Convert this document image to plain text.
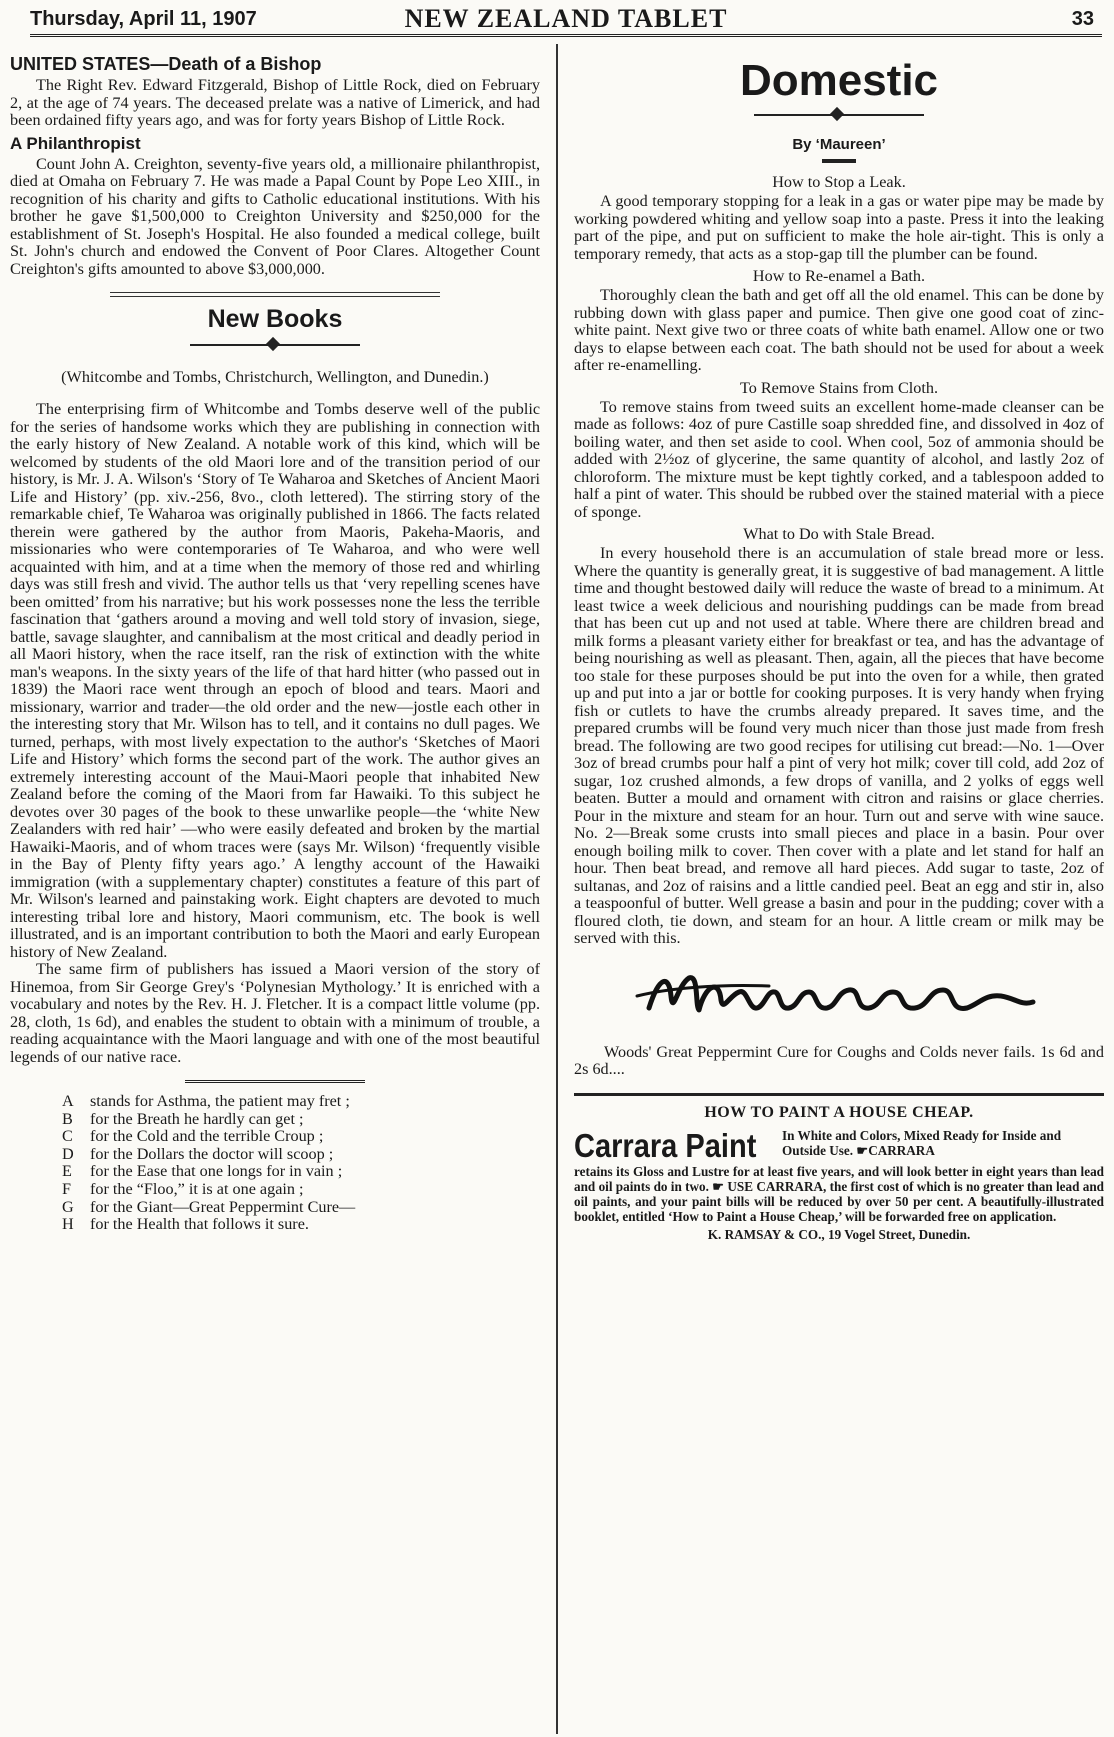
Thursday, April 11, 1907	NEW ZEALAND TABLET	33
UNITED STATES—Death of a Bishop

The Right Rev. Edward Fitzgerald, Bishop of Little Rock, died on February 2, at the age of 74 years. The deceased prelate was a native of Limerick, and had been ordained fifty years ago, and was for forty years Bishop of Little Rock.

A Philanthropist

Count John A. Creighton, seventy-five years old, a millionaire philanthropist, died at Omaha on February 7. He was made a Papal Count by Pope Leo XIII., in recognition of his charity and gifts to Catholic educational institutions. With his brother he gave $1,500,000 to Creighton University and $250,000 for the establishment of St. Joseph's Hospital. He also founded a medical college, built St. John's church and endowed the Convent of Poor Clares. Altogether Count Creighton's gifts amounted to above $3,000,000.

New Books
(Whitcombe and Tombs, Christchurch, Wellington, and Dunedin.)

The enterprising firm of Whitcombe and Tombs deserve well of the public for the series of handsome works which they are publishing in connection with the early history of New Zealand. A notable work of this kind, which will be welcomed by students of the old Maori lore and of the transition period of our history, is Mr. J. A. Wilson's ‘Story of Te Waharoa and Sketches of Ancient Maori Life and History’ (pp. xiv.-256, 8vo., cloth lettered). The stirring story of the remarkable chief, Te Waharoa was originally published in 1866. The facts related therein were gathered by the author from Maoris, Pakeha-Maoris, and missionaries who were contemporaries of Te Waharoa, and who were well acquainted with him, and at a time when the memory of those red and whirling days was still fresh and vivid. The author tells us that ‘very repelling scenes have been omitted’ from his narrative; but his work possesses none the less the terrible fascination that ‘gathers around a moving and well told story of invasion, siege, battle, savage slaughter, and cannibalism at the most critical and deadly period in all Maori history, when the race itself, ran the risk of extinction with the white man's weapons. In the sixty years of the life of that hard hitter (who passed out in 1839) the Maori race went through an epoch of blood and tears. Maori and missionary, warrior and trader—the old order and the new—jostle each other in the interesting story that Mr. Wilson has to tell, and it contains no dull pages. We turned, perhaps, with most lively expectation to the author's ‘Sketches of Maori Life and History’ which forms the second part of the work. The author gives an extremely interesting account of the Maui-Maori people that inhabited New Zealand before the coming of the Maori from far Hawaiki. To this subject he devotes over 30 pages of the book to these unwarlike people—the ‘white New Zealanders with red hair’ —who were easily defeated and broken by the martial Hawaiki-Maoris, and of whom traces were (says Mr. Wilson) ‘frequently visible in the Bay of Plenty fifty years ago.’ A lengthy account of the Hawaiki immigration (with a supplementary chapter) constitutes a feature of this part of Mr. Wilson's learned and painstaking work. Eight chapters are devoted to much interesting tribal lore and history, Maori communism, etc. The book is well illustrated, and is an important contribution to both the Maori and early European history of New Zealand.

The same firm of publishers has issued a Maori version of the story of Hinemoa, from Sir George Grey's ‘Polynesian Mythology.’ It is enriched with a vocabulary and notes by the Rev. H. J. Fletcher. It is a compact little volume (pp. 28, cloth, 1s 6d), and enables the student to obtain with a minimum of trouble, a reading acquaintance with the Maori language and with one of the most beautiful legends of our native race.

A stands for Asthma, the patient may fret ;
B for the Breath he hardly can get ;
C for the Cold and the terrible Croup ;
D for the Dollars the doctor will scoop ;
E for the Ease that one longs for in vain ;
F for the “Floo,” it is at one again ;
G for the Giant—Great Peppermint Cure—
H for the Health that follows it sure.
Domestic
By ‘Maureen’
How to Stop a Leak.

A good temporary stopping for a leak in a gas or water pipe may be made by working powdered whiting and yellow soap into a paste. Press it into the leaking part of the pipe, and put on sufficient to make the hole air-tight. This is only a temporary remedy, that acts as a stop-gap till the plumber can be found.

How to Re-enamel a Bath.

Thoroughly clean the bath and get off all the old enamel. This can be done by rubbing down with glass paper and pumice. Then give one good coat of zinc-white paint. Next give two or three coats of white bath enamel. Allow one or two days to elapse between each coat. The bath should not be used for about a week after re-enamelling.

To Remove Stains from Cloth.

To remove stains from tweed suits an excellent home-made cleanser can be made as follows: 4oz of pure Castille soap shredded fine, and dissolved in 4oz of boiling water, and then set aside to cool. When cool, 5oz of ammonia should be added with 2½oz of glycerine, the same quantity of alcohol, and lastly 2oz of chloroform. The mixture must be kept tightly corked, and a tablespoon added to half a pint of water. This should be rubbed over the stained material with a piece of sponge.

What to Do with Stale Bread.

In every household there is an accumulation of stale bread more or less. Where the quantity is generally great, it is suggestive of bad management. A little time and thought bestowed daily will reduce the waste of bread to a minimum. At least twice a week delicious and nourishing puddings can be made from bread that has been cut up and not used at table. Where there are children bread and milk forms a pleasant variety either for breakfast or tea, and has the advantage of being nourishing as well as pleasant. Then, again, all the pieces that have become too stale for these purposes should be put into the oven for a while, then grated up and put into a jar or bottle for cooking purposes. It is very handy when frying fish or cutlets to have the crumbs already prepared. It saves time, and the prepared crumbs will be found very much nicer than those just made from fresh bread. The following are two good recipes for utilising cut bread:—No. 1—Over 3oz of bread crumbs pour half a pint of very hot milk; cover till cold, add 2oz of sugar, 1oz crushed almonds, a few drops of vanilla, and 2 yolks of eggs well beaten. Butter a mould and ornament with citron and raisins or glace cherries. Pour in the mixture and steam for an hour. Turn out and serve with wine sauce. No. 2—Break some crusts into small pieces and place in a basin. Pour over enough boiling milk to cover. Then cover with a plate and let stand for half an hour. Then beat bread, and remove all hard pieces. Add sugar to taste, 2oz of sultanas, and 2oz of raisins and a little candied peel. Beat an egg and stir in, also a teaspoonful of butter. Well grease a basin and pour in the pudding; cover with a floured cloth, tie down, and steam for an hour. A little cream or milk may be served with this.

Woods' Great Peppermint Cure for Coughs and Colds never fails. 1s 6d and 2s 6d....

HOW TO PAINT A HOUSE CHEAP.
Carrara Paint	In White and Colors, Mixed Ready for Inside and Outside Use. ☛CARRARA
retains its Gloss and Lustre for at least five years, and will look better in eight years than lead and oil paints do in two. ☛ USE CARRARA, the first cost of which is no greater than lead and oil paints, and your paint bills will be reduced by over 50 per cent. A beautifully-illustrated booklet, entitled ‘How to Paint a House Cheap,’ will be forwarded free on application.
K. RAMSAY & CO., 19 Vogel Street, Dunedin.
